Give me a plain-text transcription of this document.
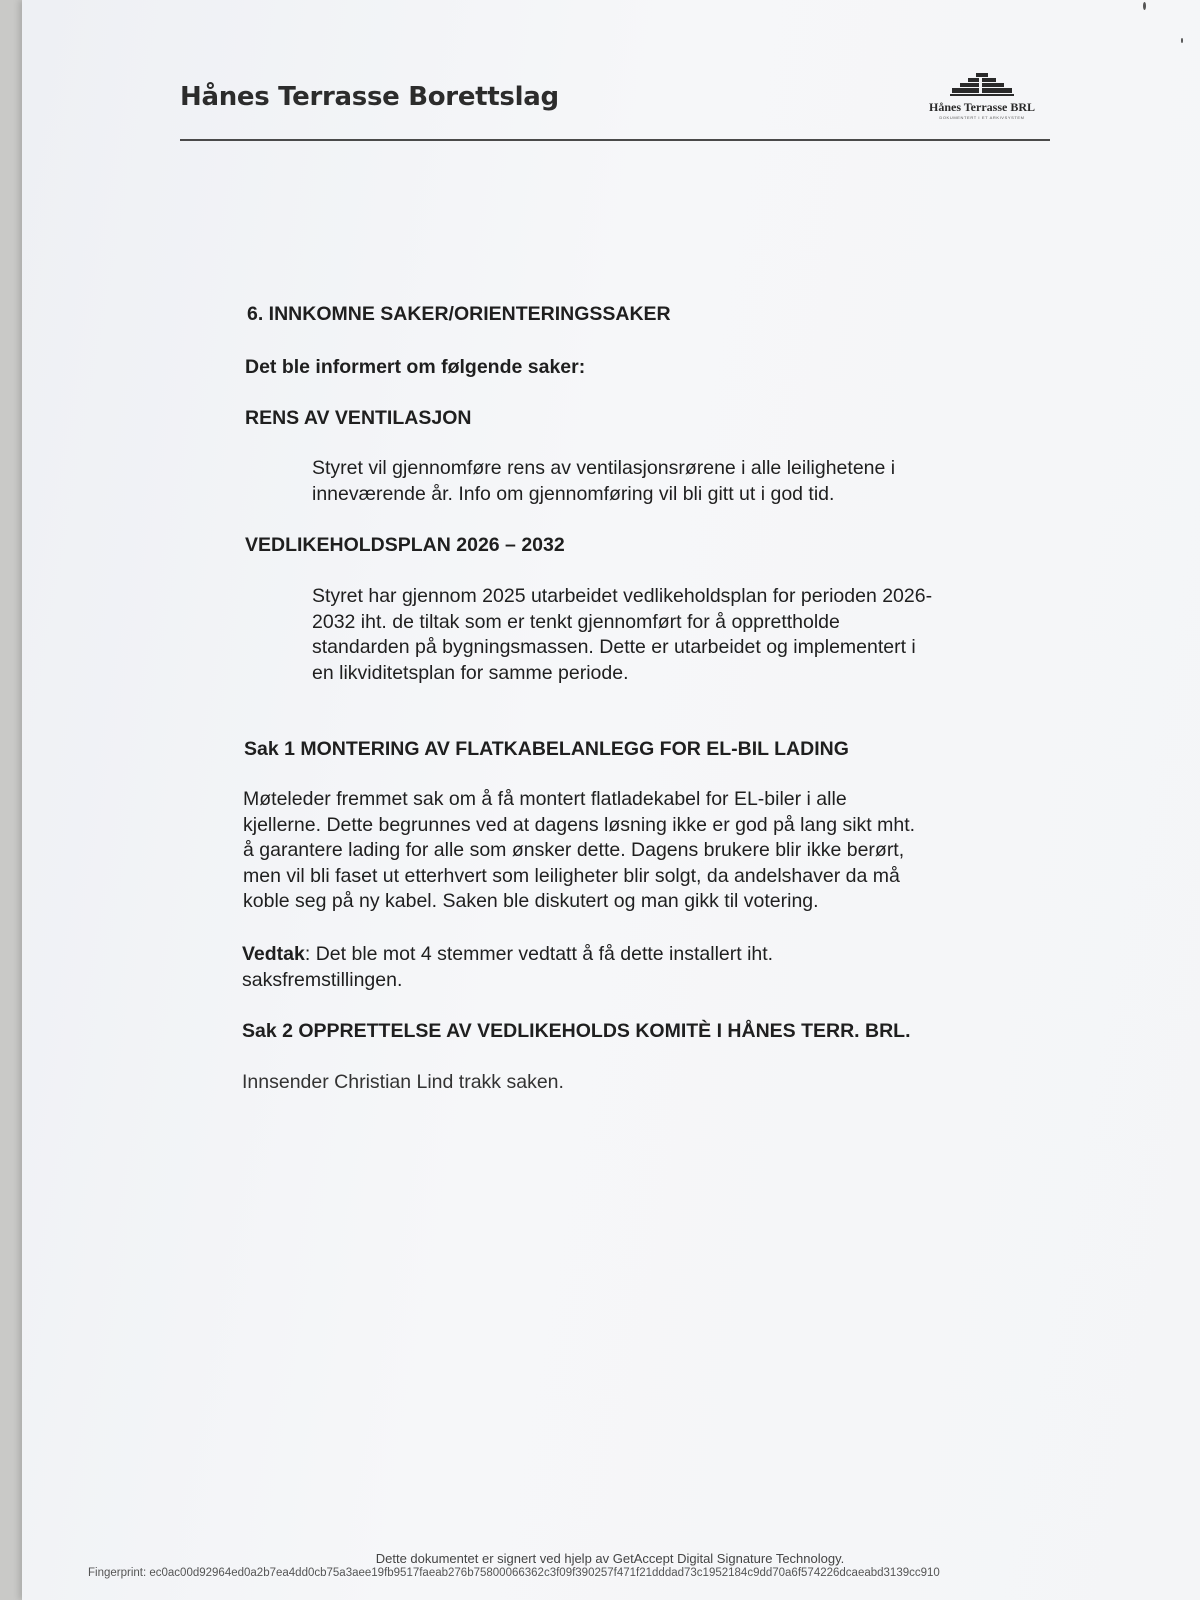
Hånes Terrasse Borettslag	Hånes Terrasse BRL
DOKUMENTERT I ET ARKIVSYSTEM

6. INNKOMNE SAKER/ORIENTERINGSSAKER

Det ble informert om følgende saker:

RENS AV VENTILASJON

Styret vil gjennomføre rens av ventilasjonsrørene i alle leilighetene i
inneværende år. Info om gjennomføring vil bli gitt ut i god tid.

VEDLIKEHOLDSPLAN 2026 – 2032

Styret har gjennom 2025 utarbeidet vedlikeholdsplan for perioden 2026-
2032 iht. de tiltak som er tenkt gjennomført for å opprettholde
standarden på bygningsmassen. Dette er utarbeidet og implementert i
en likviditetsplan for samme periode.

Sak 1 MONTERING AV FLATKABELANLEGG FOR EL-BIL LADING

Møteleder fremmet sak om å få montert flatladekabel for EL-biler i alle
kjellerne. Dette begrunnes ved at dagens løsning ikke er god på lang sikt mht.
å garantere lading for alle som ønsker dette. Dagens brukere blir ikke berørt,
men vil bli faset ut etterhvert som leiligheter blir solgt, da andelshaver da må
koble seg på ny kabel. Saken ble diskutert og man gikk til votering.

Vedtak: Det ble mot 4 stemmer vedtatt å få dette installert iht.
saksfremstillingen.

Sak 2 OPPRETTELSE AV VEDLIKEHOLDS KOMITÈ I HÅNES TERR. BRL.

Innsender Christian Lind trakk saken.

Dette dokumentet er signert ved hjelp av GetAccept Digital Signature Technology.
Fingerprint: ec0ac00d92964ed0a2b7ea4dd0cb75a3aee19fb9517faeab276b75800066362c3f09f390257f471f21dddad73c1952184c9dd70a6f574226dcaeabd3139cc910
